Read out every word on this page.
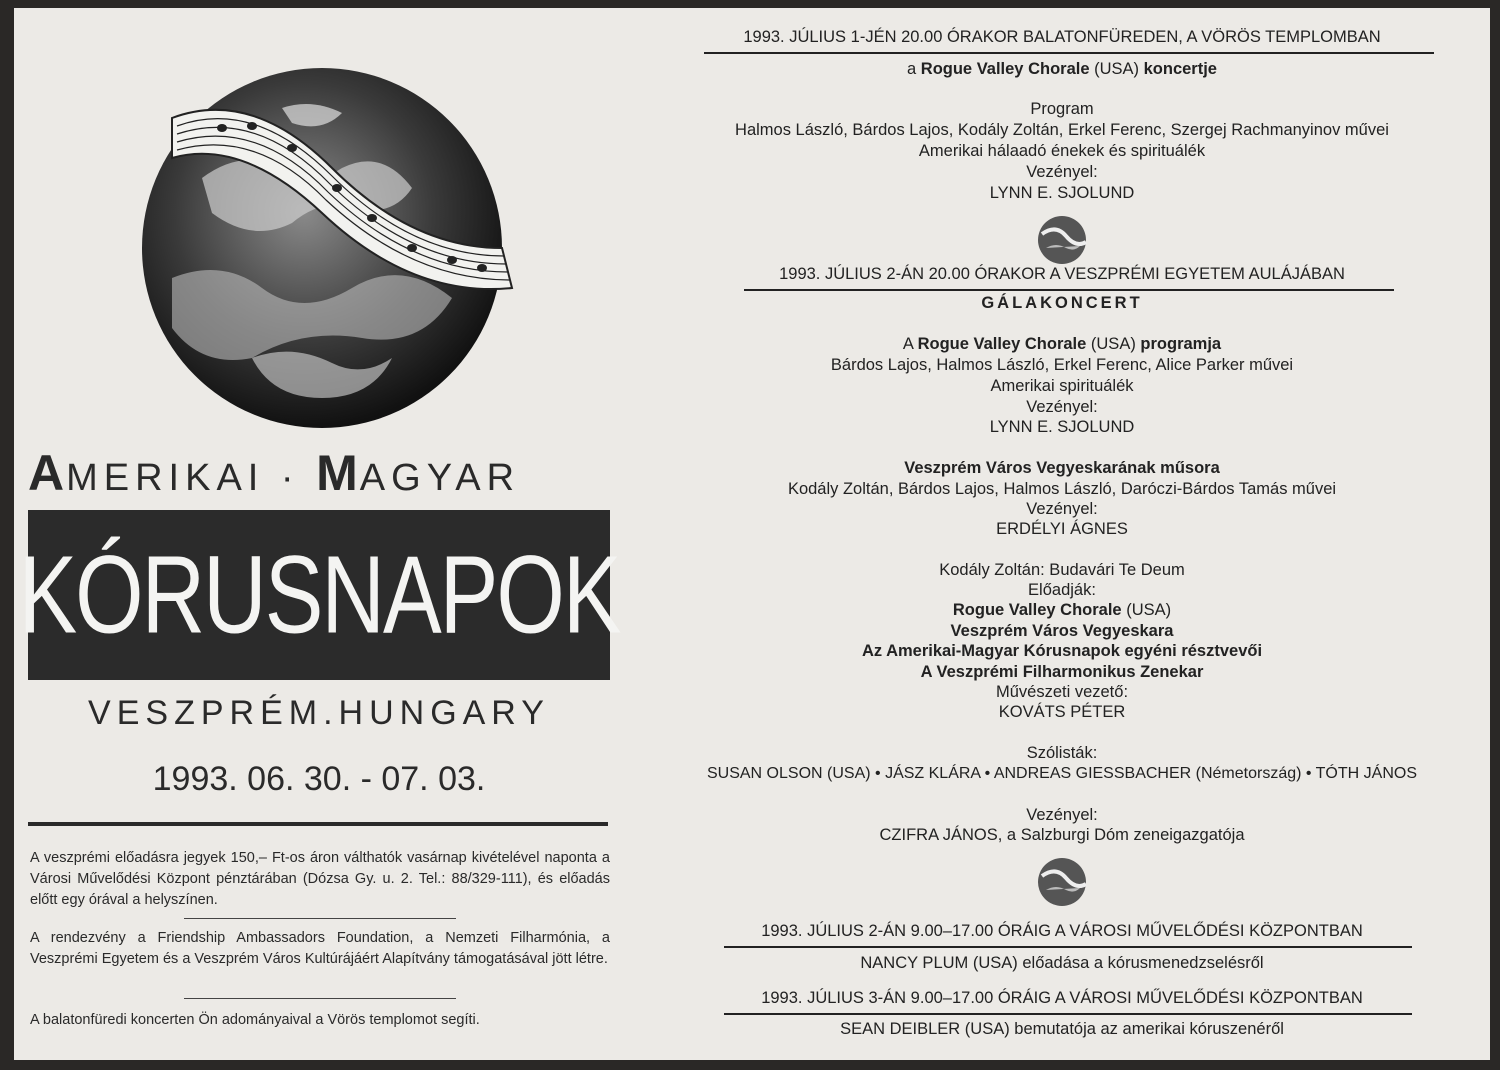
AMERIKAI · MAGYAR
KÓRUSNAPOK
VESZPRÉM.HUNGARY
1993. 06. 30. - 07. 03.
A veszprémi előadásra jegyek 150,– Ft-os áron válthatók vasárnap kivételével naponta a Városi Művelődési Központ pénztárában (Dózsa Gy. u. 2. Tel.: 88/329-111), és előadás előtt egy órával a helyszínen.
A rendezvény a Friendship Ambassadors Foundation, a Nemzeti Filharmónia, a Veszprémi Egyetem és a Veszprém Város Kultúrájáért Alapítvány támogatásával jött létre.
A balatonfüredi koncerten Ön adományaival a Vörös templomot segíti.
1993. JÚLIUS 1-JÉN 20.00 ÓRAKOR BALATONFÜREDEN, A VÖRÖS TEMPLOMBAN
a Rogue Valley Chorale (USA) koncertje
Program
Halmos László, Bárdos Lajos, Kodály Zoltán, Erkel Ferenc, Szergej Rachmanyinov művei
Amerikai hálaadó énekek és spirituálék
Vezényel:
LYNN E. SJOLUND
1993. JÚLIUS 2-ÁN 20.00 ÓRAKOR A VESZPRÉMI EGYETEM AULÁJÁBAN
GÁLAKONCERT
A Rogue Valley Chorale (USA) programja
Bárdos Lajos, Halmos László, Erkel Ferenc, Alice Parker művei
Amerikai spirituálék
Vezényel:
LYNN E. SJOLUND
Veszprém Város Vegyeskarának műsora
Kodály Zoltán, Bárdos Lajos, Halmos László, Daróczi-Bárdos Tamás művei
Vezényel:
ERDÉLYI ÁGNES
Kodály Zoltán: Budavári Te Deum
Előadják:
Rogue Valley Chorale (USA)
Veszprém Város Vegyeskara
Az Amerikai-Magyar Kórusnapok egyéni résztvevői
A Veszprémi Filharmonikus Zenekar
Művészeti vezető:
KOVÁTS PÉTER
Szólisták:
SUSAN OLSON (USA) • JÁSZ KLÁRA • ANDREAS GIESSBACHER (Németország) • TÓTH JÁNOS
Vezényel:
CZIFRA JÁNOS, a Salzburgi Dóm zeneigazgatója
1993. JÚLIUS 2-ÁN 9.00–17.00 ÓRÁIG A VÁROSI MŰVELŐDÉSI KÖZPONTBAN
NANCY PLUM (USA) előadása a kórusmenedzselésről
1993. JÚLIUS 3-ÁN 9.00–17.00 ÓRÁIG A VÁROSI MŰVELŐDÉSI KÖZPONTBAN
SEAN DEIBLER (USA) bemutatója az amerikai kóruszenéről
